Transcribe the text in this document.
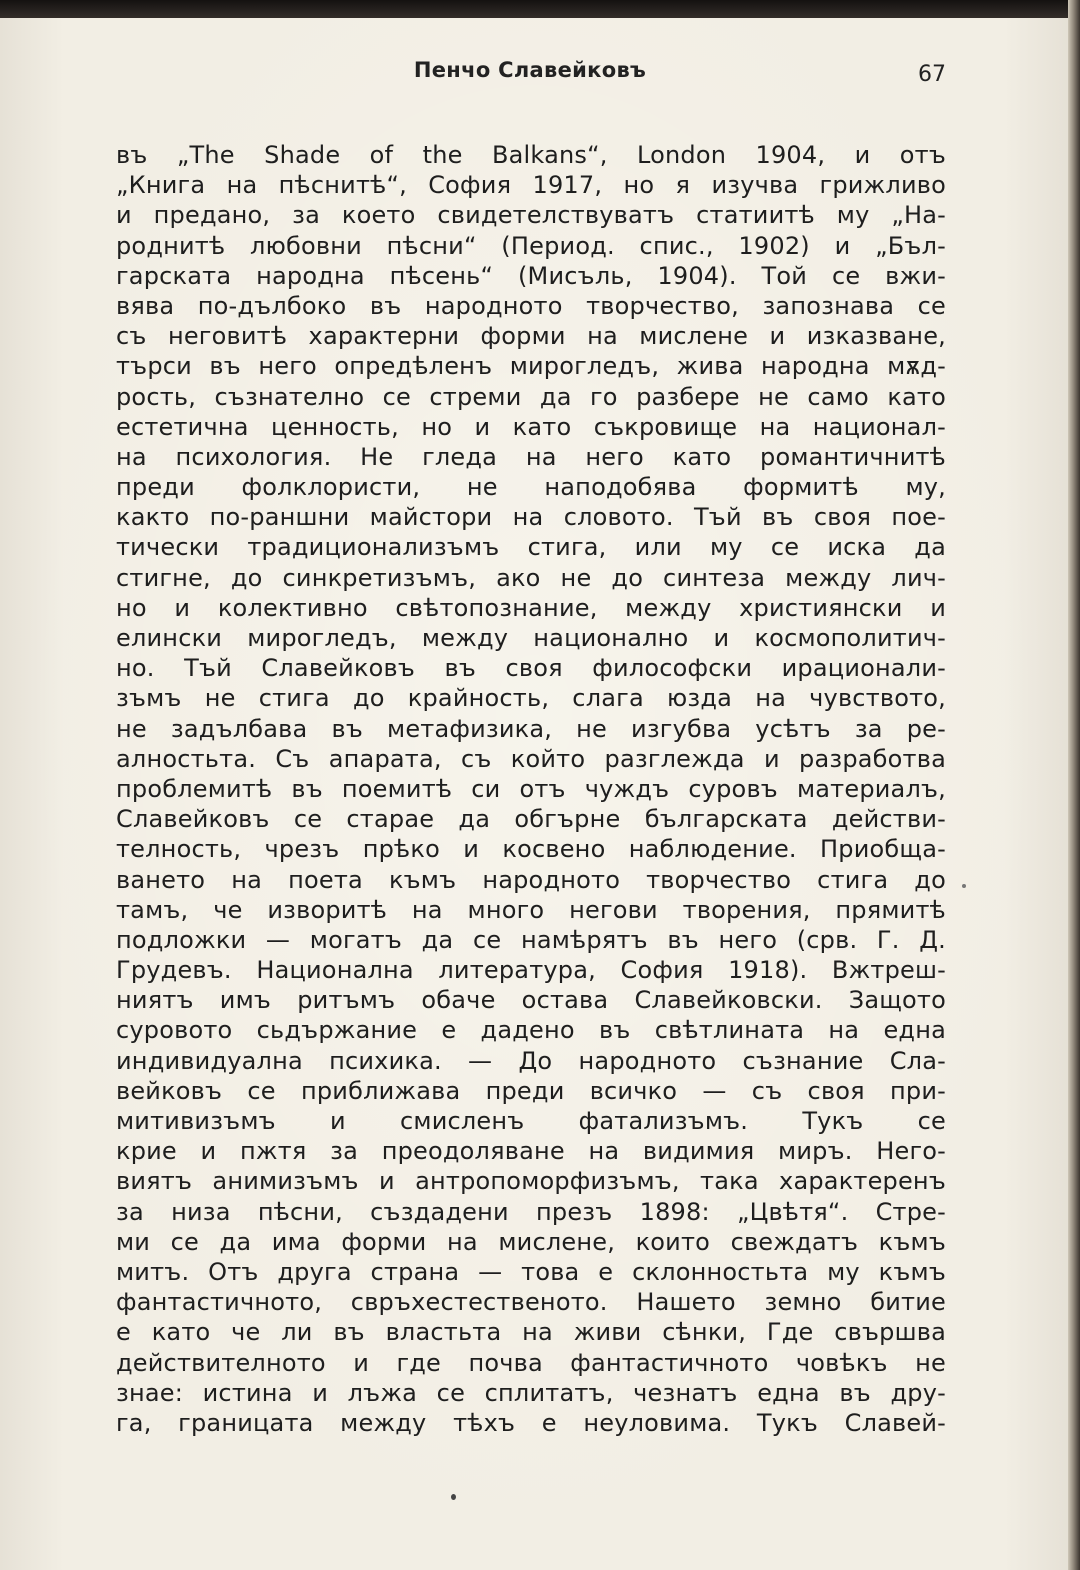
Пенчо Славейковъ	67
въ „The Shade of the Balkans“, London 1904, и отъ
„Книга на пѣснитѣ“, София 1917, но я изучва грижливо
и предано, за което свидетелствуватъ статиитѣ му „На-
роднитѣ любовни пѣсни“ (Период. спис., 1902) и „Бъл-
гарската народна пѣсень“ (Мисъль, 1904). Той се вжи-
вява по-дълбоко въ народното творчество, запознава се
съ неговитѣ характерни форми на мислене и изказване,
търси въ него опредѣленъ мирогледъ, жива народна мѫд-
рость, съзнателно се стреми да го разбере не само като
естетична ценность, но и като съкровище на национал-
на психология. Не гледа на него като романтичнитѣ
преди фолклористи, не наподобява формитѣ му,
както по-раншни майстори на словото. Тъй въ своя пое-
тически традиционализъмъ стига, или му се иска да
стигне, до синкретизъмъ, ако не до синтеза между лич-
но и колективно свѣтопознание, между християнски и
елински мирогледъ, между национално и космополитич-
но. Тъй Славейковъ въ своя философски ирационали-
зъмъ не стига до крайность, слага юзда на чувството,
не задълбава въ метафизика, не изгубва усѣтъ за ре-
алностьта. Съ апарата, съ който разглежда и разработва
проблемитѣ въ поемитѣ си отъ чуждъ суровъ материалъ,
Славейковъ се старае да обгърне българската действи-
телность, чрезъ прѣко и косвено наблюдение. Приобща-
ването на поета къмъ народното творчество стига до
тамъ, че изворитѣ на много негови творения, прямитѣ
подложки — могатъ да се намѣрятъ въ него (срв. Г. Д.
Грудевъ. Национална литература, София 1918). Вжтреш-
ниятъ имъ ритъмъ обаче остава Славейковски. Защото
суровото сьдържание е дадено въ свѣтлината на една
индивидуална психика. — До народното съзнание Сла-
вейковъ се приближава преди всичко — съ своя при-
митивизъмъ и смисленъ фатализъмъ. Тукъ се
крие и пжтя за преодоляване на видимия миръ. Него-
виятъ анимизъмъ и антропоморфизъмъ, така характеренъ
за низа пѣсни, създадени презъ 1898: „Цвѣтя“. Стре-
ми се да има форми на мислене, които свеждатъ къмъ
митъ. Отъ друга страна — това е склонностьта му къмъ
фантастичното, свръхестественото. Нашето земно битие
е като че ли въ властьта на живи сѣнки, Где свършва
действителното и где почва фантастичното човѣкъ не
знае: истина и лъжа се сплитатъ, чезнатъ една въ дру-
га, границата между тѣхъ е неуловима. Тукъ Славей-
